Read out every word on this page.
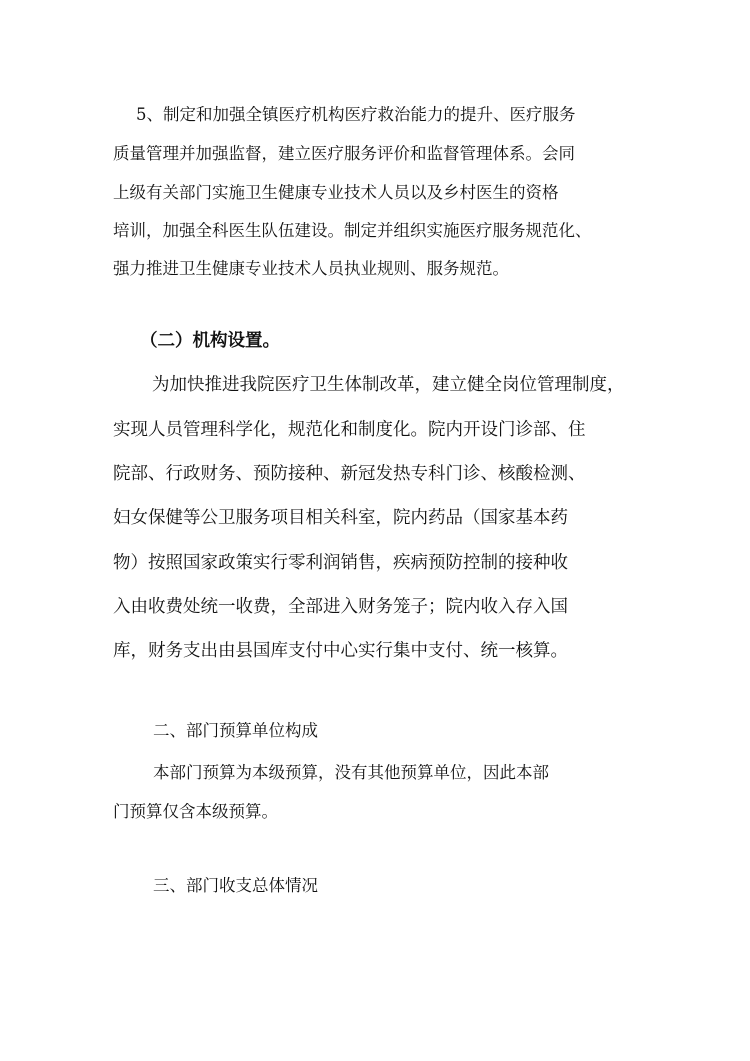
5、制定和加强全镇医疗机构医疗救治能力的提升、医疗服务
质量管理并加强监督，建立医疗服务评价和监督管理体系。会同
上级有关部门实施卫生健康专业技术人员以及乡村医生的资格
培训，加强全科医生队伍建设。制定并组织实施医疗服务规范化、
强力推进卫生健康专业技术人员执业规则、服务规范。
（二）机构设置。
为加快推进我院医疗卫生体制改革，建立健全岗位管理制度，
实现人员管理科学化，规范化和制度化。院内开设门诊部、住
院部、行政财务、预防接种、新冠发热专科门诊、核酸检测、
妇女保健等公卫服务项目相关科室，院内药品（国家基本药
物）按照国家政策实行零利润销售，疾病预防控制的接种收
入由收费处统一收费，全部进入财务笼子；院内收入存入国
库，财务支出由县国库支付中心实行集中支付、统一核算。
二、部门预算单位构成
本部门预算为本级预算，没有其他预算单位，因此本部
门预算仅含本级预算。
三、部门收支总体情况
